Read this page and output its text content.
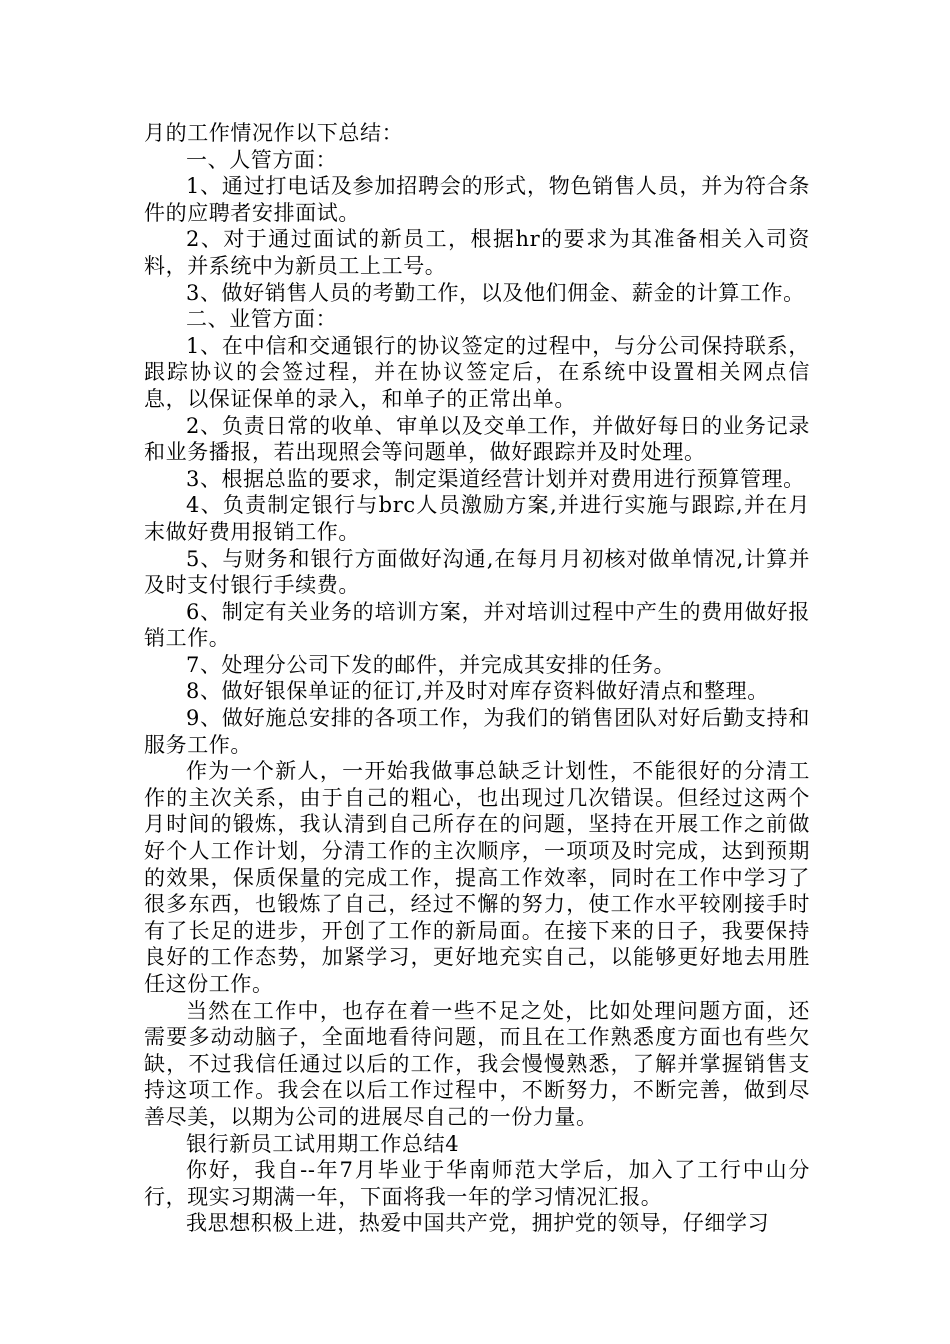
月的工作情况作以下总结：

一、人管方面：

1、通过打电话及参加招聘会的形式，物色销售人员，并为符合条件的应聘者安排面试。

2、对于通过面试的新员工，根据hr的要求为其准备相关入司资料，并系统中为新员工上工号。

3、做好销售人员的考勤工作，以及他们佣金、薪金的计算工作。

二、业管方面：

1、在中信和交通银行的协议签定的过程中，与分公司保持联系，跟踪协议的会签过程，并在协议签定后，在系统中设置相关网点信息，以保证保单的录入，和单子的正常出单。

2、负责日常的收单、审单以及交单工作，并做好每日的业务记录和业务播报，若出现照会等问题单，做好跟踪并及时处理。

3、根据总监的要求，制定渠道经营计划并对费用进行预算管理。

4、负责制定银行与brc人员激励方案,并进行实施与跟踪,并在月末做好费用报销工作。

5、与财务和银行方面做好沟通,在每月月初核对做单情况,计算并及时支付银行手续费。

6、制定有关业务的培训方案，并对培训过程中产生的费用做好报销工作。

7、处理分公司下发的邮件，并完成其安排的任务。

8、做好银保单证的征订,并及时对库存资料做好清点和整理。

9、做好施总安排的各项工作，为我们的销售团队对好后勤支持和服务工作。

作为一个新人，一开始我做事总缺乏计划性，不能很好的分清工作的主次关系，由于自己的粗心，也出现过几次错误。但经过这两个月时间的锻炼，我认清到自己所存在的问题，坚持在开展工作之前做好个人工作计划，分清工作的主次顺序，一项项及时完成，达到预期的效果，保质保量的完成工作，提高工作效率，同时在工作中学习了很多东西，也锻炼了自己，经过不懈的努力，使工作水平较刚接手时有了长足的进步，开创了工作的新局面。在接下来的日子，我要保持良好的工作态势，加紧学习，更好地充实自己，以能够更好地去用胜任这份工作。

当然在工作中，也存在着一些不足之处，比如处理问题方面，还需要多动动脑子，全面地看待问题，而且在工作熟悉度方面也有些欠缺，不过我信任通过以后的工作，我会慢慢熟悉，了解并掌握销售支持这项工作。我会在以后工作过程中，不断努力，不断完善，做到尽善尽美，以期为公司的进展尽自己的一份力量。

银行新员工试用期工作总结4

你好，我自--年7月毕业于华南师范大学后，加入了工行中山分行，现实习期满一年，下面将我一年的学习情况汇报。

我思想积极上进，热爱中国共产党，拥护党的领导，仔细学习
